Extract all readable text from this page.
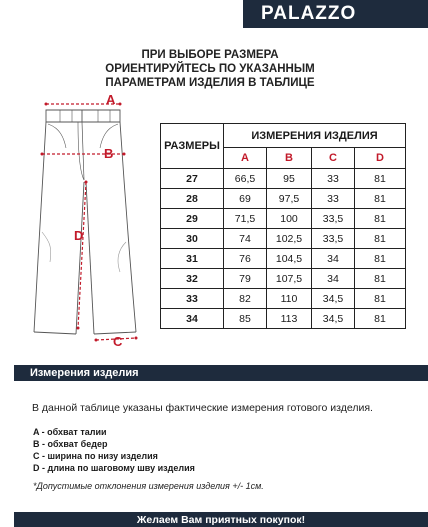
PALAZZO
ПРИ ВЫБОРЕ РАЗМЕРА
ОРИЕНТИРУЙТЕСЬ ПО УКАЗАННЫМ
ПАРАМЕТРАМ ИЗДЕЛИЯ В ТАБЛИЦЕ
A
B
D
C
РАЗМЕРЫ	ИЗМЕРЕНИЯ ИЗДЕЛИЯ			
	A	B	C	D
27	66,5	95	33	81
28	69	97,5	33	81
29	71,5	100	33,5	81
30	74	102,5	33,5	81
31	76	104,5	34	81
32	79	107,5	34	81
33	82	110	34,5	81
34	85	113	34,5	81
Измерения изделия
В данной таблице указаны фактические измерения готового изделия.
A - обхват талии
B - обхват бедер
C - ширина по низу изделия
D - длина по шаговому шву изделия
*Допустимые отклонения измерения изделия +/- 1см.
Желаем Вам приятных покупок!
